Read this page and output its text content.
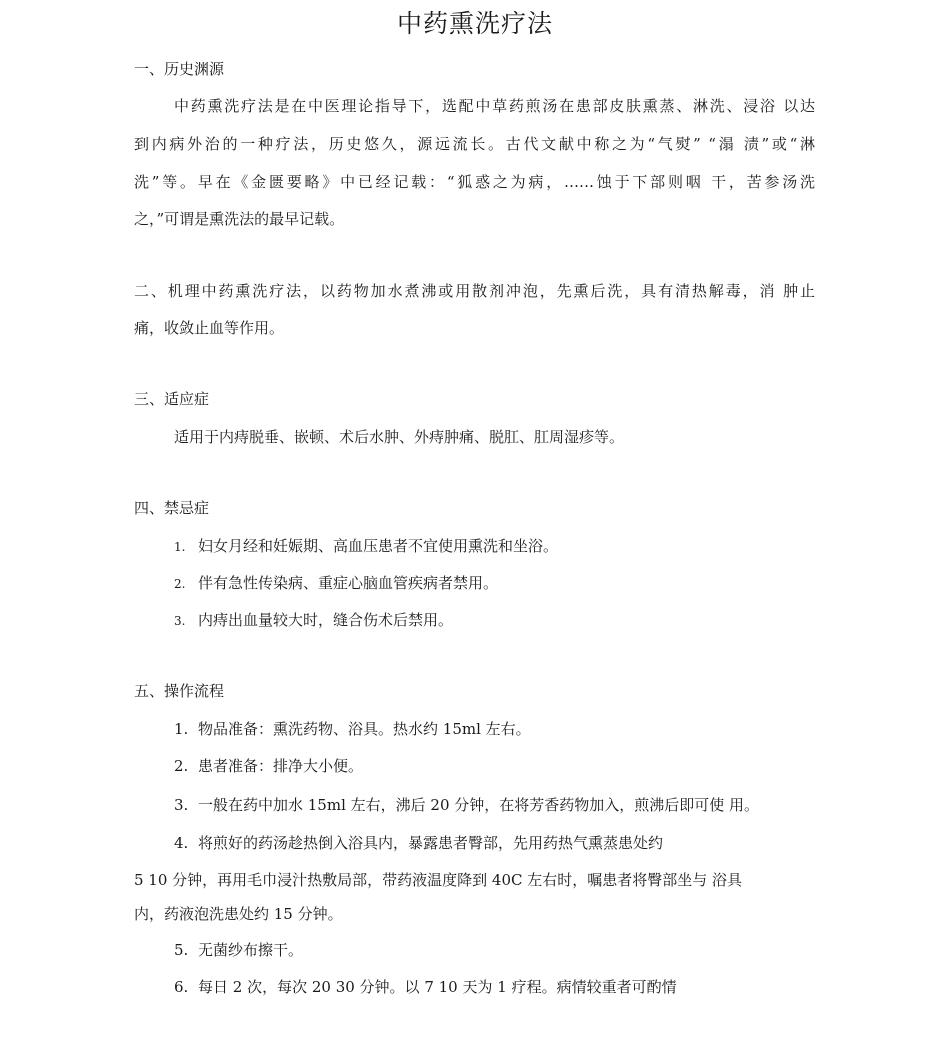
中药熏洗疗法
一、历史渊源
中药熏洗疗法是在中医理论指导下，选配中草药煎汤在患部皮肤熏蒸、淋洗、浸浴 以达
到内病外治的一种疗法，历史悠久，源远流长。古代文献中称之为“气熨” “溻 渍”或“淋
洗”等。早在《金匮要略》中已经记载：“狐惑之为病，……蚀于下部则咽 干，苦参汤洗
之，”可谓是熏洗法的最早记载。
二、机理中药熏洗疗法，以药物加水煮沸或用散剂冲泡，先熏后洗，具有清热解毒，消 肿止
痛，收敛止血等作用。
三、适应症
适用于内痔脱垂、嵌顿、术后水肿、外痔肿痛、脱肛、肛周湿疹等。
四、禁忌症
1. 妇女月经和妊娠期、高血压患者不宜使用熏洗和坐浴。
2. 伴有急性传染病、重症心脑血管疾病者禁用。
3. 内痔出血量较大时，缝合伤术后禁用。
五、操作流程
1. 物品准备：熏洗药物、浴具。热水约 15ml 左右。
2. 患者准备：排净大小便。
3. 一般在药中加水 15ml 左右，沸后 20 分钟，在将芳香药物加入，煎沸后即可使 用。
4. 将煎好的药汤趁热倒入浴具内，暴露患者臀部，先用药热气熏蒸患处约
5 10 分钟，再用毛巾浸汁热敷局部，带药液温度降到 40C 左右时，嘱患者将臀部坐与 浴具
内，药液泡洗患处约 15 分钟。
5. 无菌纱布擦干。
6. 每日 2 次，每次 20 30 分钟。以 7 10 天为 1 疗程。病情较重者可酌情
